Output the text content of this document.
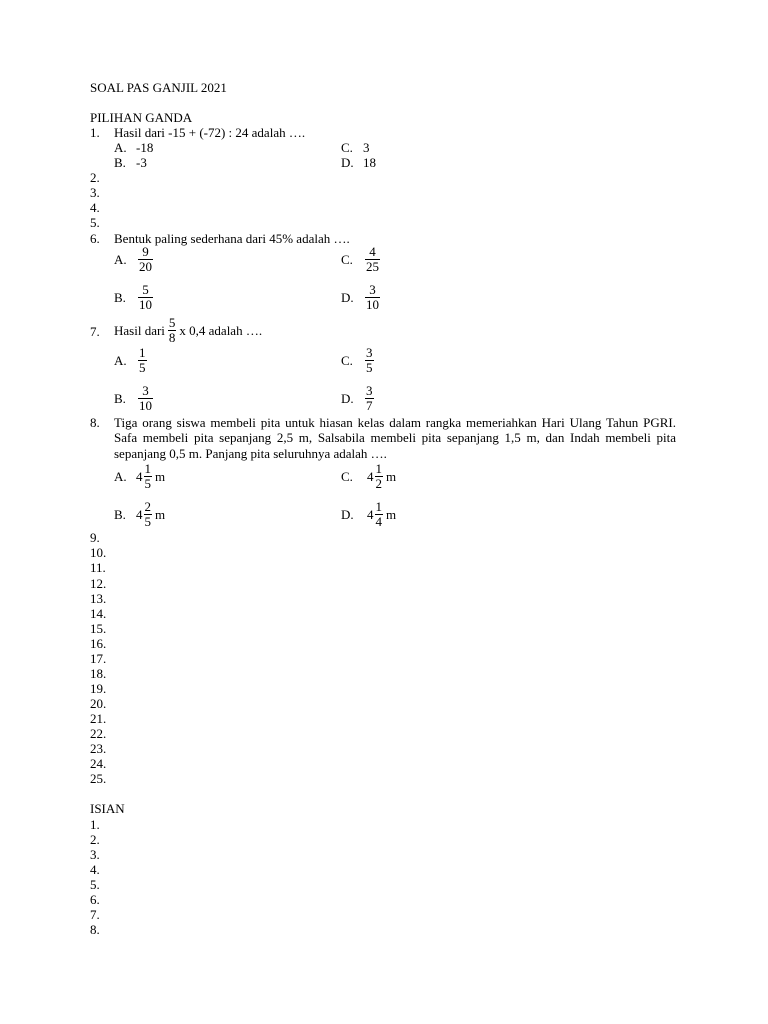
SOAL PAS GANJIL 2021
PILIHAN GANDA
1. Hasil dari -15 + (-72) : 24 adalah ….
A. -18
B. -3
C. 3
D. 18
2.
3.
4.
5.
6. Bentuk paling sederhana dari 45% adalah ….
A. $\frac{9}{20}$
B. $\frac{5}{10}$
C. $\frac{4}{25}$
D. $\frac{3}{10}$
7. Hasil dari $\frac{5}{8}$ x 0,4 adalah ….
A. $\frac{1}{5}$
B. $\frac{3}{10}$
C. $\frac{3}{5}$
D. $\frac{3}{7}$
8. Tiga orang siswa membeli pita untuk hiasan kelas dalam rangka memeriahkan Hari Ulang Tahun PGRI. Safa membeli pita sepanjang 2,5 m, Salsabila membeli pita sepanjang 1,5 m, dan Indah membeli pita sepanjang 0,5 m. Panjang pita seluruhnya adalah ….
A. $4 \frac{1}{5}$ m
B. $4 \frac{2}{5}$ m
C.	$4 \frac{1}{2}$ m
D.	$4 \frac{1}{4}$ m
9.
10.
11.
12.
13.
14.
15.
16.
17.
18.
19.
20.
21.
22.
23.
24.
25.
ISIAN
1.
2.
3.
4.
5.
6.
7.
8.
